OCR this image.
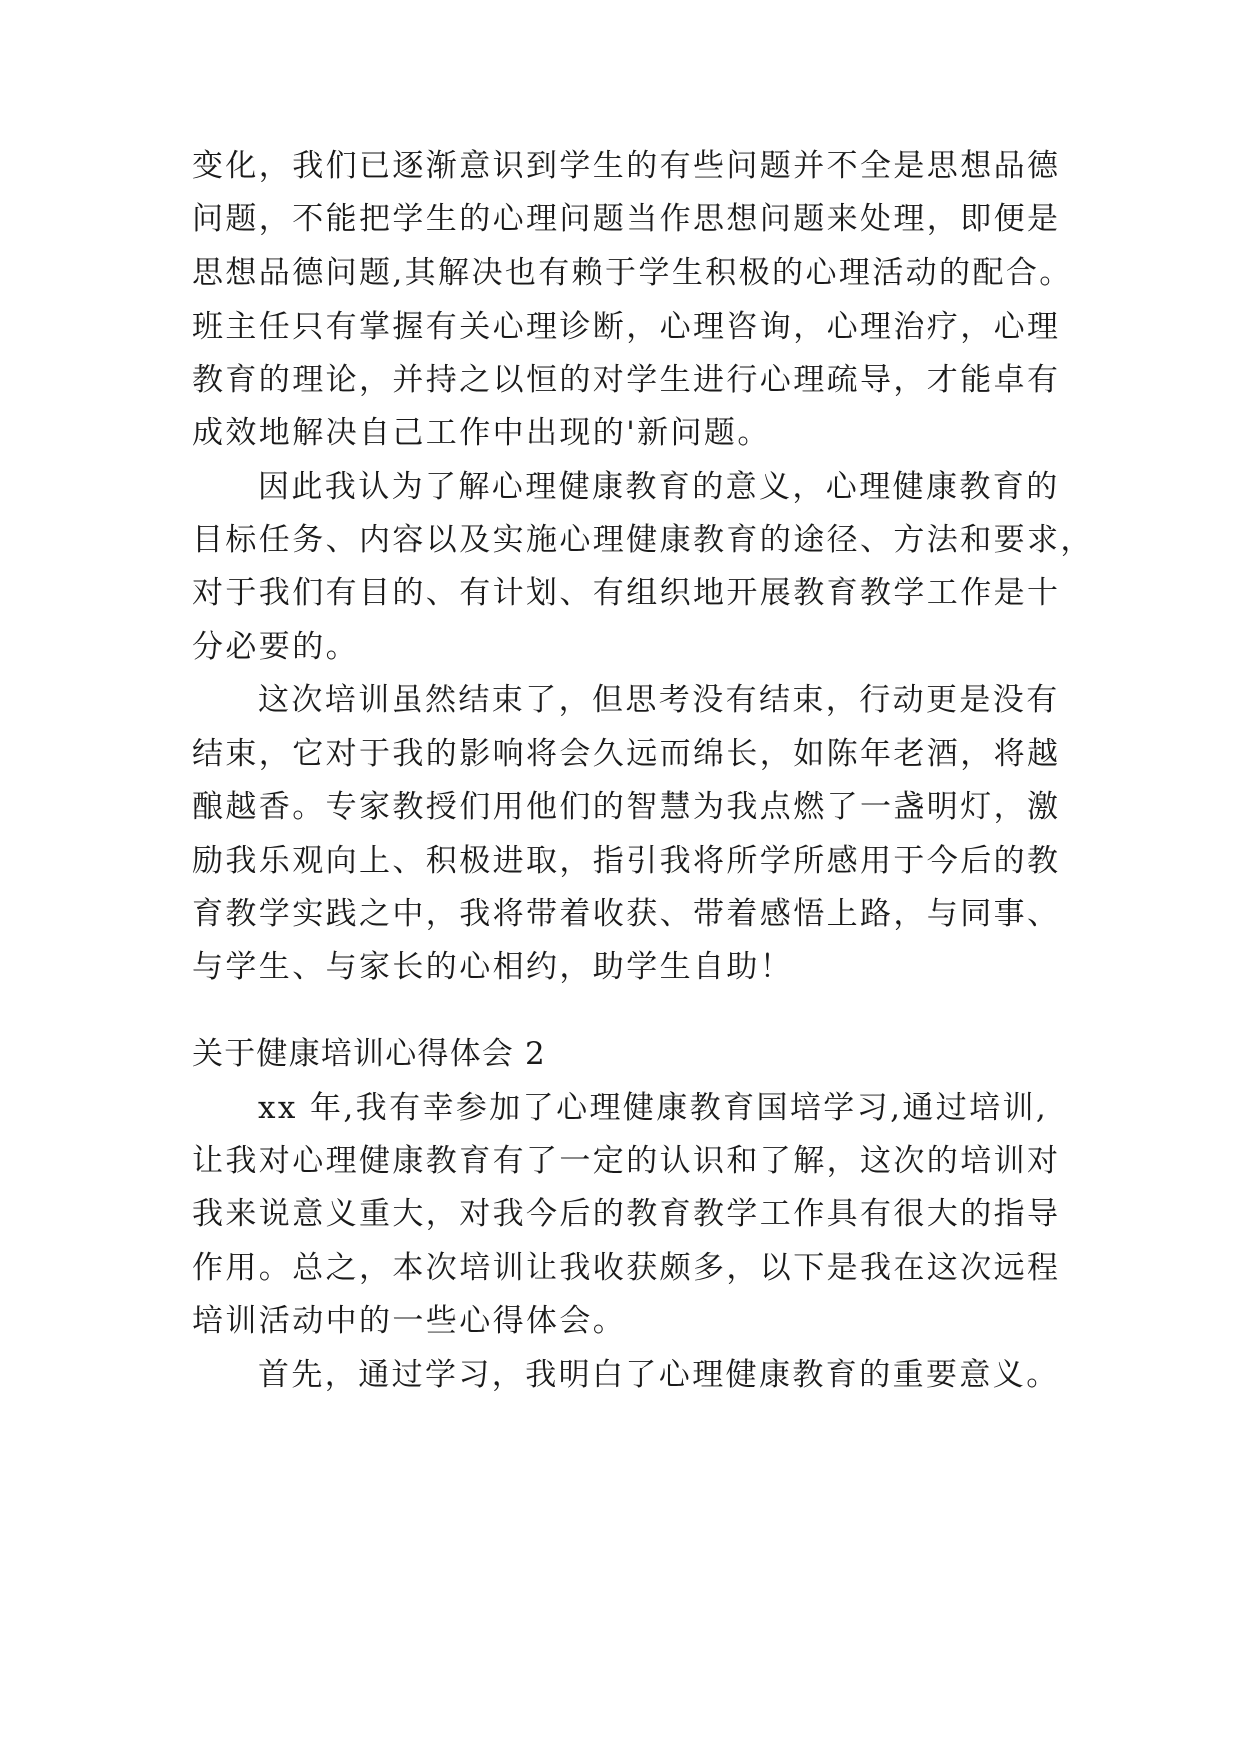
变化，我们已逐渐意识到学生的有些问题并不全是思想品德

问题，不能把学生的心理问题当作思想问题来处理，即便是

思想品德问题,其解决也有赖于学生积极的心理活动的配合。

班主任只有掌握有关心理诊断，心理咨询，心理治疗，心理

教育的理论，并持之以恒的对学生进行心理疏导，才能卓有

成效地解决自己工作中出现的'新问题。

因此我认为了解心理健康教育的意义，心理健康教育的

目标任务、内容以及实施心理健康教育的途径、方法和要求，

对于我们有目的、有计划、有组织地开展教育教学工作是十

分必要的。

这次培训虽然结束了，但思考没有结束，行动更是没有

结束，它对于我的影响将会久远而绵长，如陈年老酒，将越

酿越香。专家教授们用他们的智慧为我点燃了一盏明灯，激

励我乐观向上、积极进取，指引我将所学所感用于今后的教

育教学实践之中，我将带着收获、带着感悟上路，与同事、

与学生、与家长的心相约，助学生自助！

关于健康培训心得体会 2

xx 年,我有幸参加了心理健康教育国培学习,通过培训,

让我对心理健康教育有了一定的认识和了解，这次的培训对

我来说意义重大，对我今后的教育教学工作具有很大的指导

作用。总之，本次培训让我收获颇多，以下是我在这次远程

培训活动中的一些心得体会。

首先，通过学习，我明白了心理健康教育的重要意义。
